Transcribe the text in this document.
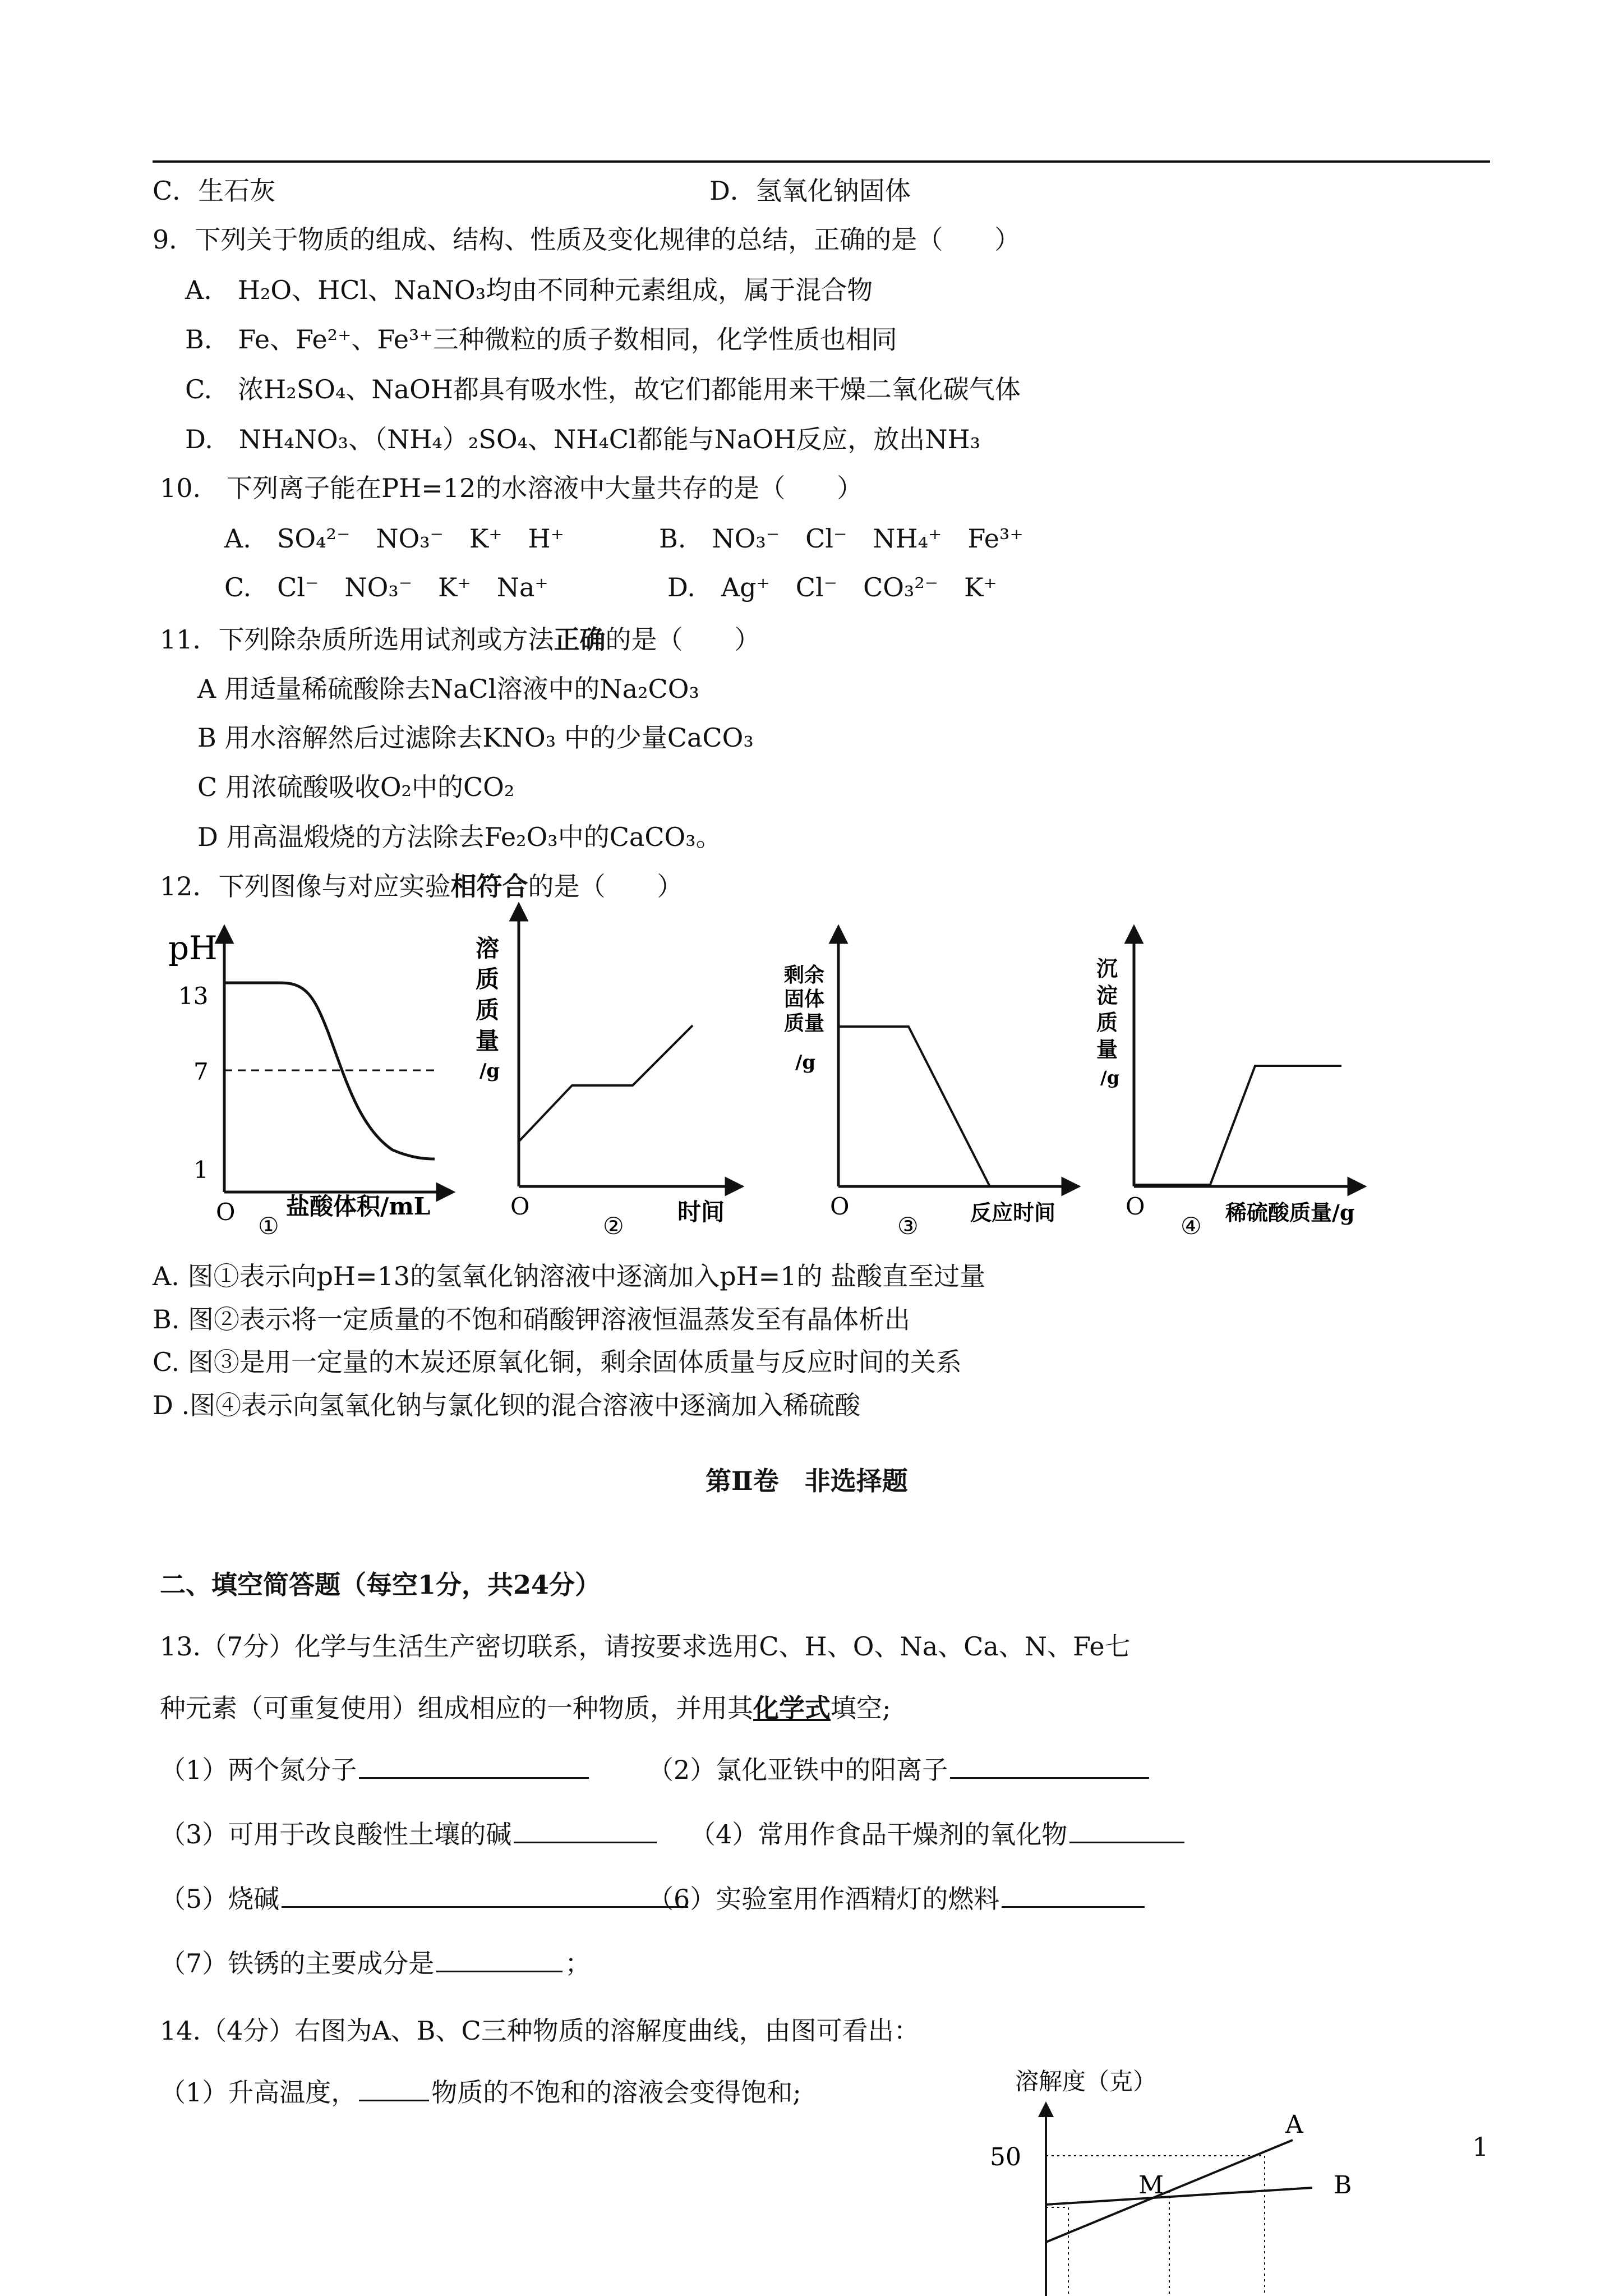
C．生石灰	D．氢氧化钠固体
9．下列关于物质的组成、结构、性质及变化规律的总结，正确的是（　　）
A.　H₂O、HCl、NaNO₃均由不同种元素组成，属于混合物
B.　Fe、Fe²⁺、Fe³⁺三种微粒的质子数相同，化学性质也相同
C.　浓H₂SO₄、NaOH都具有吸水性，故它们都能用来干燥二氧化碳气体
D.　NH₄NO₃、（NH₄）₂SO₄、NH₄Cl都能与NaOH反应，放出NH₃
10.　下列离子能在PH=12的水溶液中大量共存的是（　　）
A.　SO₄²⁻　NO₃⁻　K⁺　H⁺	B.　NO₃⁻　Cl⁻　NH₄⁺　Fe³⁺
C.　Cl⁻　NO₃⁻　K⁺　Na⁺	D.　Ag⁺　Cl⁻　CO₃²⁻　K⁺
11．下列除杂质所选用试剂或方法正确的是（　　）
A 用适量稀硫酸除去NaCl溶液中的Na₂CO₃
B 用水溶解然后过滤除去KNO₃ 中的少量CaCO₃
C 用浓硫酸吸收O₂中的CO₂
D 用高温煅烧的方法除去Fe₂O₃中的CaCO₃。
12．下列图像与对应实验相符合的是（　　）
pH
13
7
1
O 盐酸体积/mL
①
溶
质
质
量
/g
O	时间
②
剩余
固体
质量
/g
O	反应时间
③
沉
淀
质
量
/g
O	稀硫酸质量/g
④
A. 图①表示向pH=13的氢氧化钠溶液中逐滴加入pH=1的 盐酸直至过量
B. 图②表示将一定质量的不饱和硝酸钾溶液恒温蒸发至有晶体析出
C. 图③是用一定量的木炭还原氧化铜，剩余固体质量与反应时间的关系
D .图④表示向氢氧化钠与氯化钡的混合溶液中逐滴加入稀硫酸
第Ⅱ卷　非选择题
二、填空简答题（每空1分，共24分）
13.（7分）化学与生活生产密切联系，请按要求选用C、H、O、Na、Ca、N、Fe七
种元素（可重复使用）组成相应的一种物质，并用其化学式填空;
（1）两个氮分子	（2）氯化亚铁中的阳离子
（3）可用于改良酸性土壤的碱	（4）常用作食品干燥剂的氧化物
（5）烧碱	（6）实验室用作酒精灯的燃料
（7）铁锈的主要成分是	；
14.（4分）右图为A、B、C三种物质的溶解度曲线，由图可看出：
（1）升高温度，	物质的不饱和的溶液会变得饱和;	溶解度（克）
50
A
B
M
1
